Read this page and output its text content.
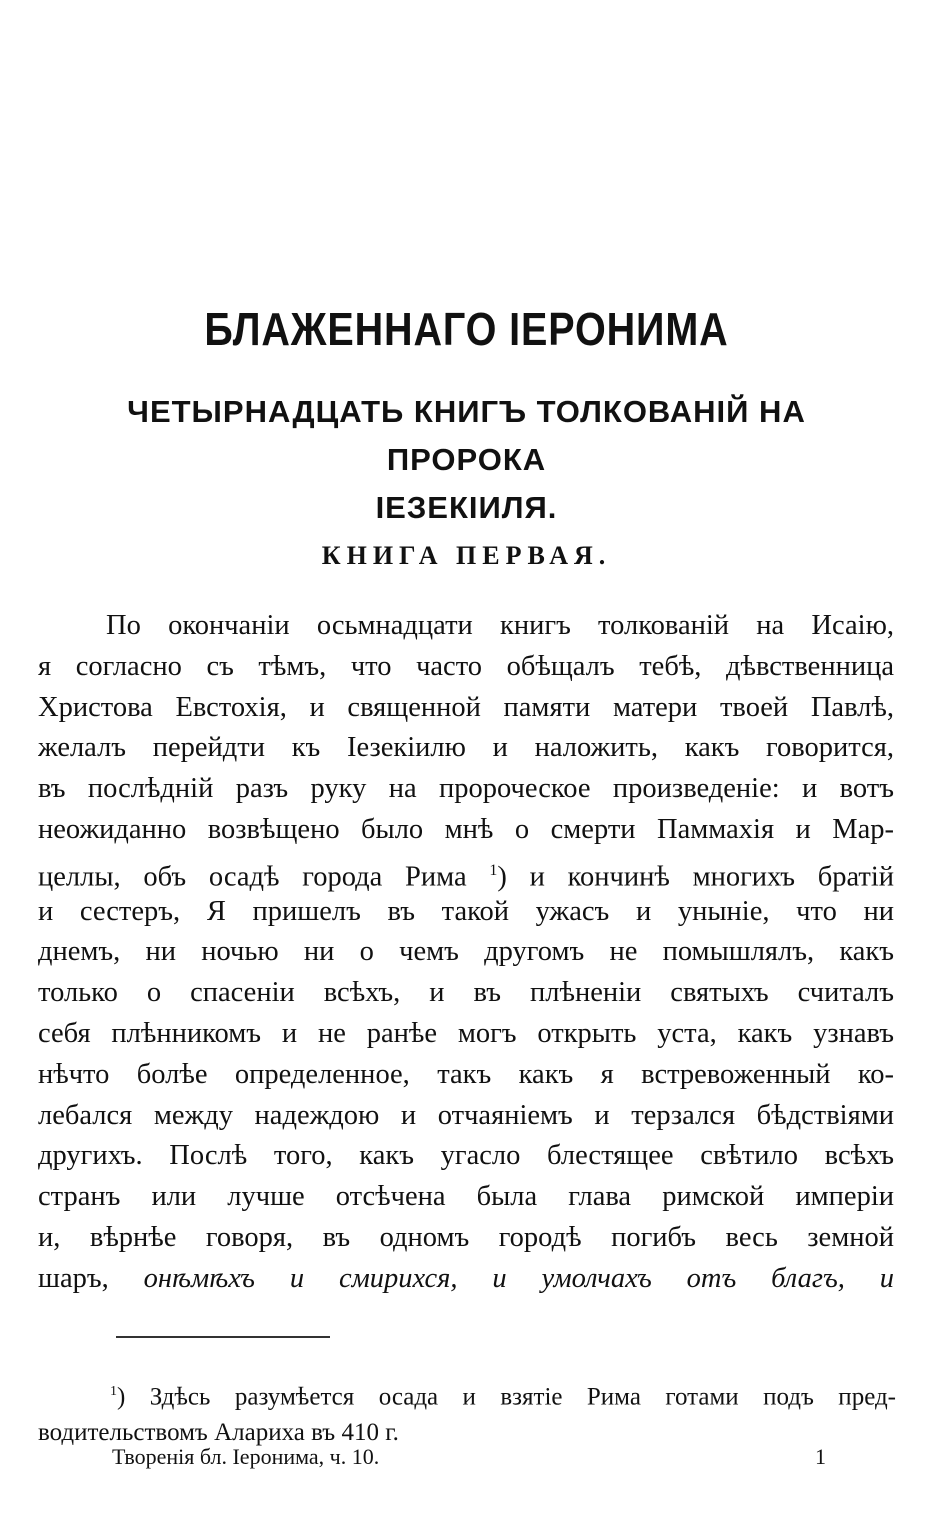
БЛАЖЕННАГО ІЕРОНИМА
ЧЕТЫРНАДЦАТЬ КНИГЪ ТОЛКОВАНІЙ НА ПРОРОКА
ІЕЗЕКІИЛЯ.
КНИГА ПЕРВАЯ.
По окончаніи осьмнадцати книгъ толкованій на Исаію,
я согласно съ тѣмъ, что часто обѣщалъ тебѣ, дѣвственница
Христова Евстохія, и священной памяти матери твоей Павлѣ,
желалъ перейдти къ Іезекіилю и наложить, какъ говорится,
въ послѣдній разъ руку на пророческое произведеніе: и вотъ
неожиданно возвѣщено было мнѣ о смерти Паммахія и Мар-
целлы, объ осадѣ города Рима $^1$) и кончинѣ многихъ братій
и сестеръ, Я пришелъ въ такой ужасъ и уныніе, что ни
днемъ, ни ночью ни о чемъ другомъ не помышлялъ, какъ
только о спасеніи всѣхъ, и въ плѣненіи святыхъ считалъ
себя плѣнникомъ и не ранѣе могъ открыть уста, какъ узнавъ
нѣчто болѣе определенное, такъ какъ я встревоженный ко-
лебался между надеждою и отчаяніемъ и терзался бѣдствіями
другихъ. Послѣ того, какъ угасло блестящее свѣтило всѣхъ
странъ или лучше отсѣчена была глава римской имперіи
и, вѣрнѣе говоря, въ одномъ городѣ погибъ весь земной
шаръ, онѣмѣхъ и смирихся, и умолчахъ отъ благъ, и
$^1$) Здѣсь разумѣется осада и взятіе Рима готами подъ пред-
водительствомъ Алариха въ 410 г.
Творенія бл. Іеронима, ч. 10.	1
